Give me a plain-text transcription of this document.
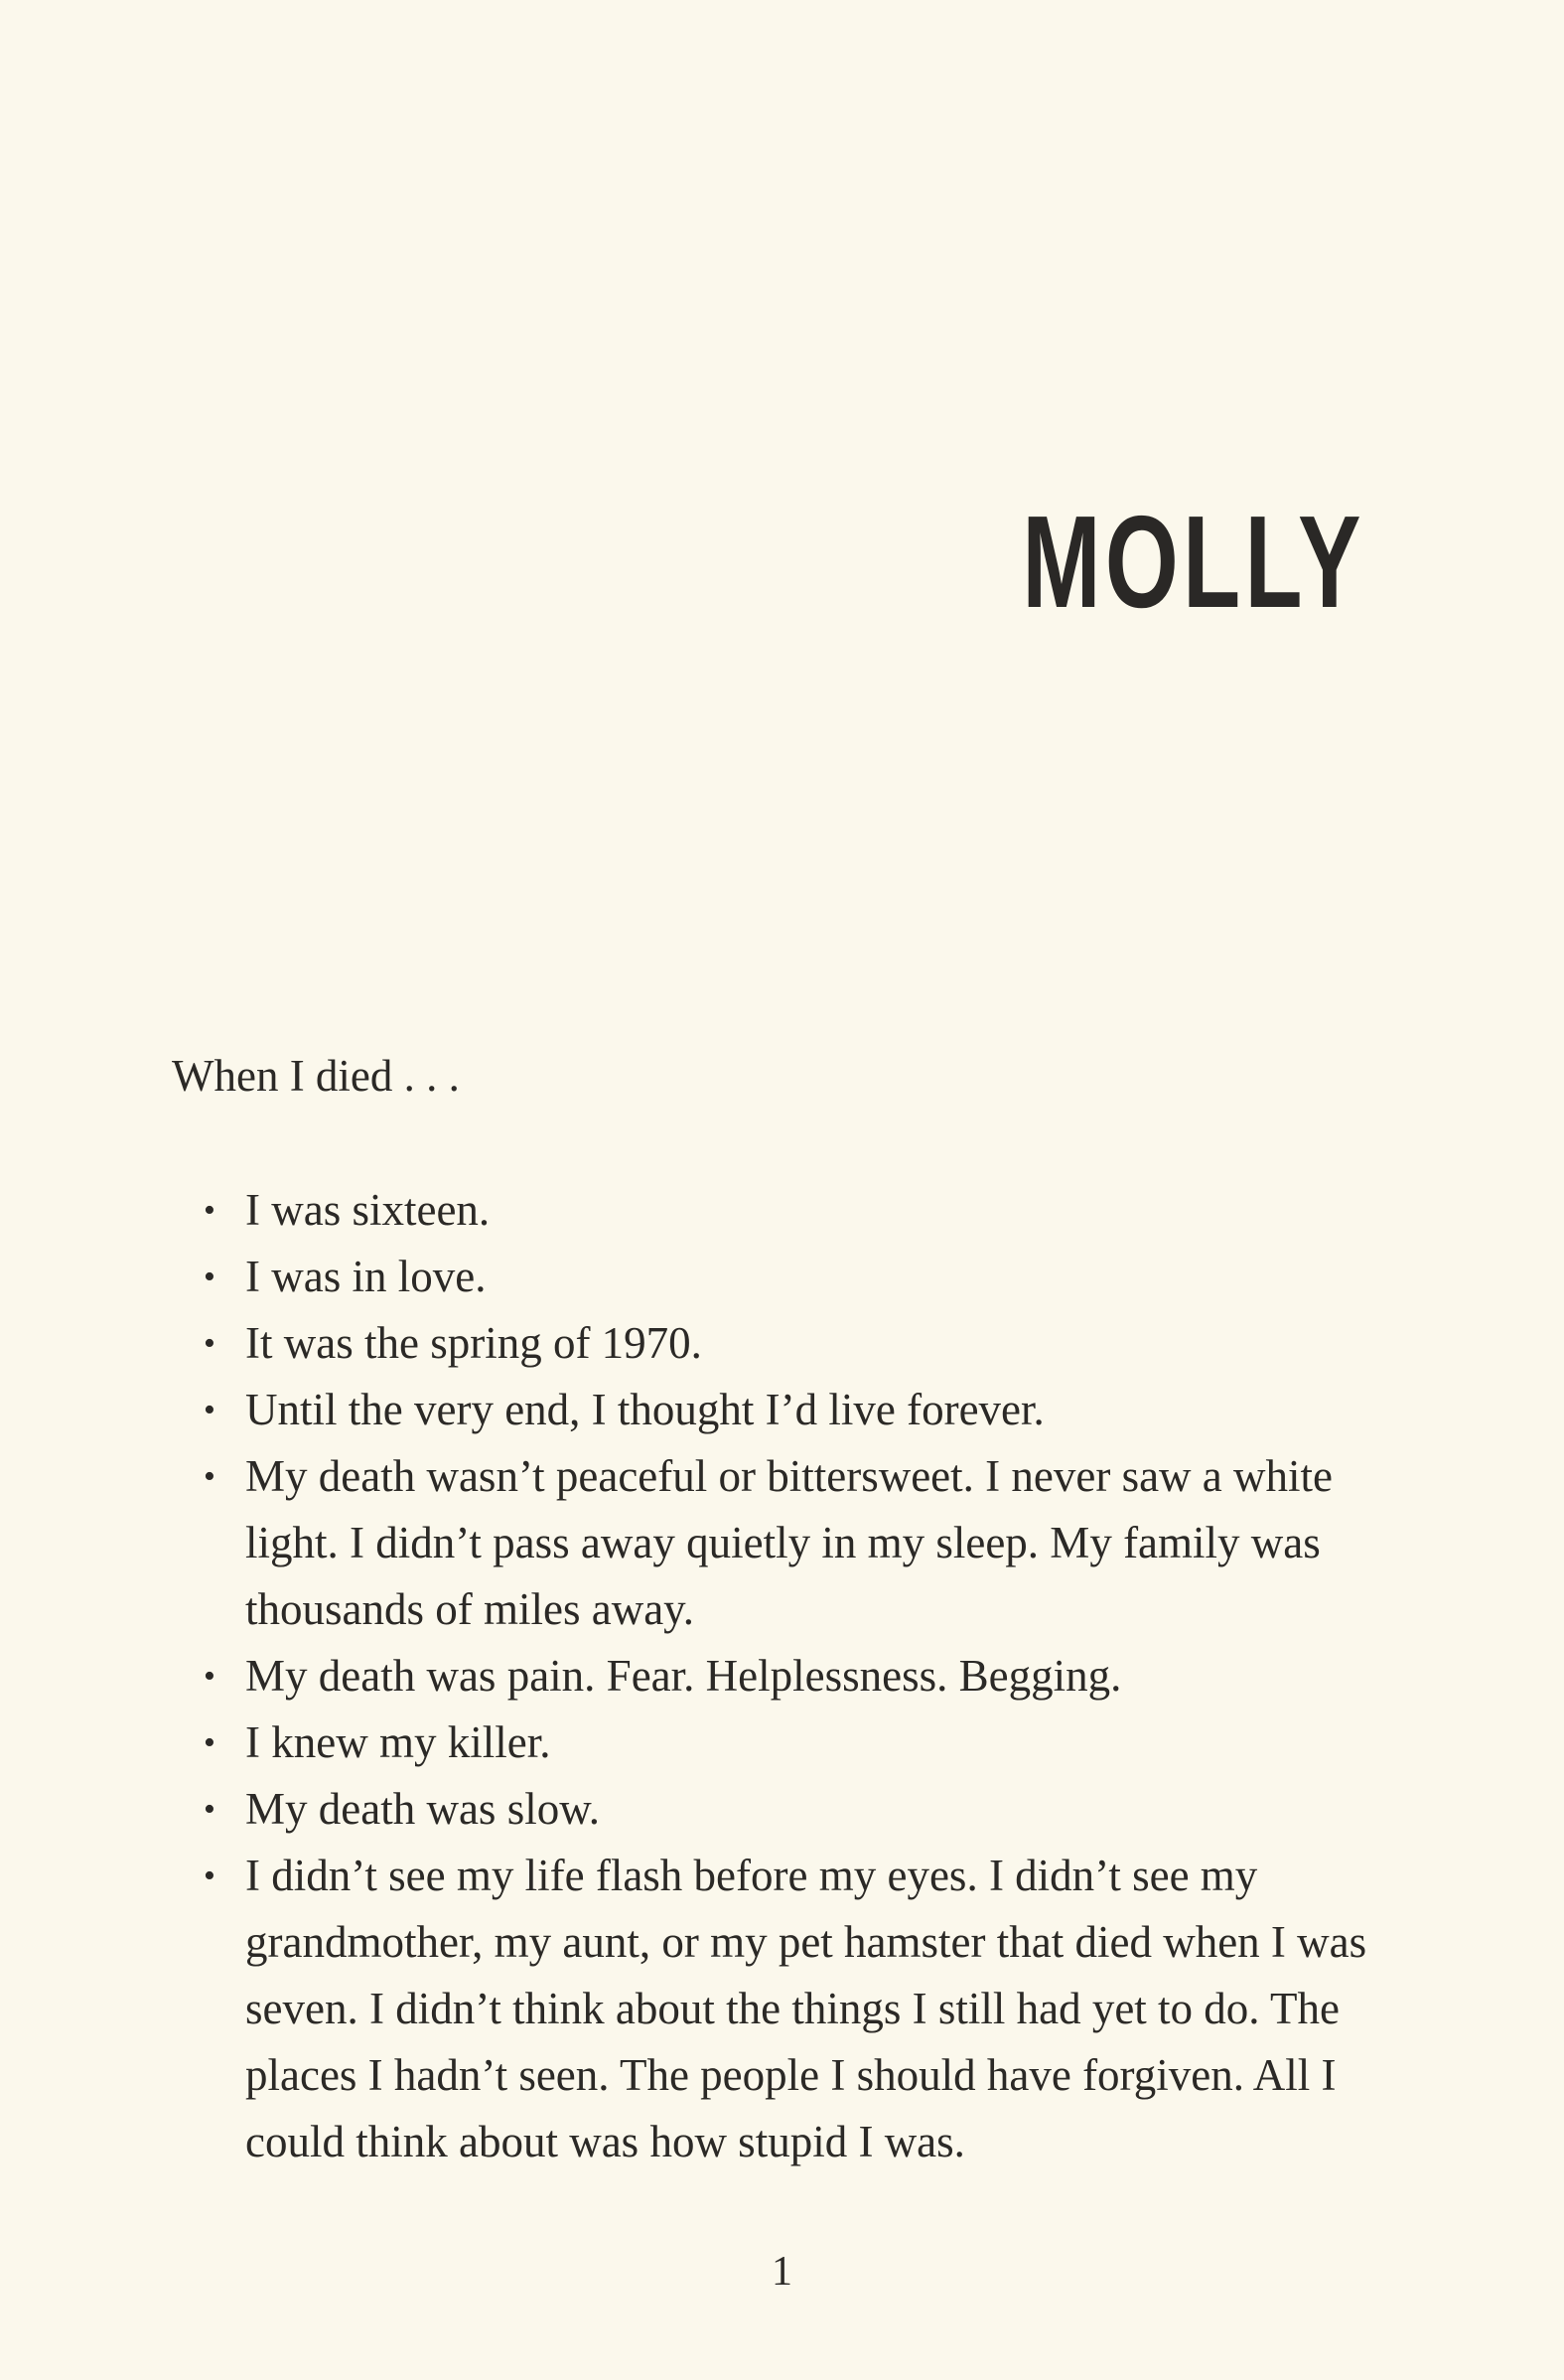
MOLLY

When I died . . .

• I was sixteen.
• I was in love.
• It was the spring of 1970.
• Until the very end, I thought I’d live forever.
• My death wasn’t peaceful or bittersweet. I never saw a white light. I didn’t pass away quietly in my sleep. My family was thousands of miles away.
• My death was pain. Fear. Helplessness. Begging.
• I knew my killer.
• My death was slow.
• I didn’t see my life flash before my eyes. I didn’t see my grandmother, my aunt, or my pet hamster that died when I was seven. I didn’t think about the things I still had yet to do. The places I hadn’t seen. The people I should have forgiven. All I could think about was how stupid I was.

1
